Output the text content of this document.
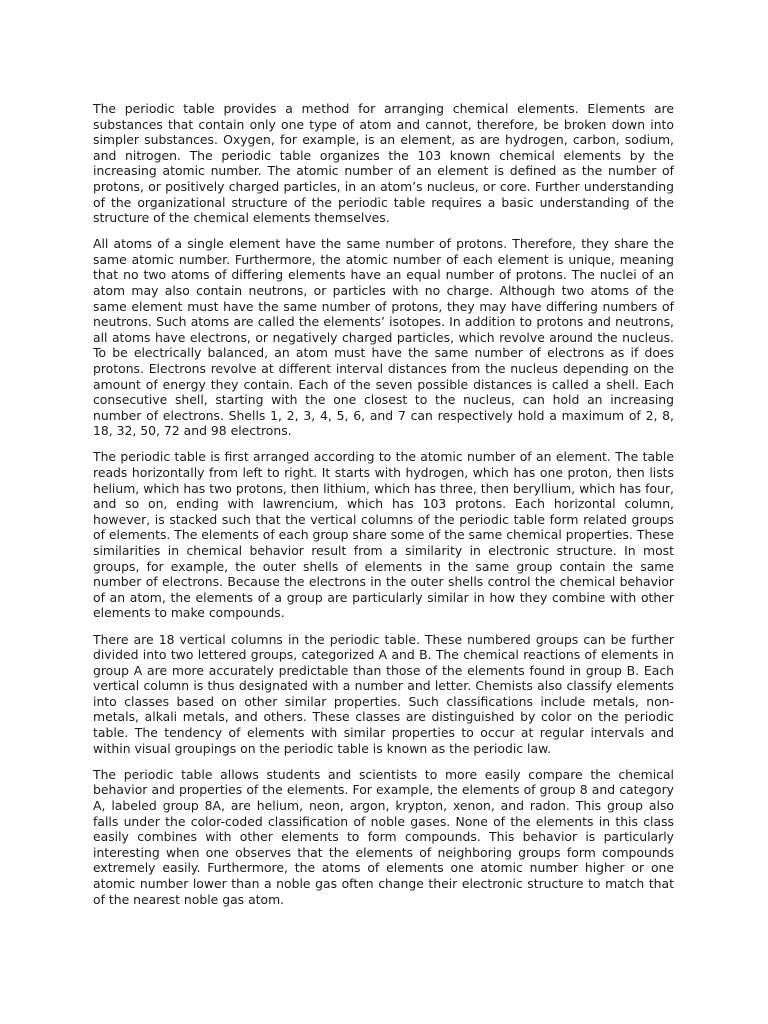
The periodic table provides a method for arranging chemical elements. Elements are substances that contain only one type of atom and cannot, therefore, be broken down into simpler substances. Oxygen, for example, is an element, as are hydrogen, carbon, sodium, and nitrogen. The periodic table organizes the 103 known chemical elements by the increasing atomic number. The atomic number of an element is defined as the number of protons, or positively charged particles, in an atom’s nucleus, or core. Further understanding of the organizational structure of the periodic table requires a basic understanding of the structure of the chemical elements themselves.

All atoms of a single element have the same number of protons. Therefore, they share the same atomic number. Furthermore, the atomic number of each element is unique, meaning that no two atoms of differing elements have an equal number of protons. The nuclei of an atom may also contain neutrons, or particles with no charge. Although two atoms of the same element must have the same number of protons, they may have differing numbers of neutrons. Such atoms are called the elements’ isotopes. In addition to protons and neutrons, all atoms have electrons, or negatively charged particles, which revolve around the nucleus. To be electrically balanced, an atom must have the same number of electrons as if does protons. Electrons revolve at different interval distances from the nucleus depending on the amount of energy they contain. Each of the seven possible distances is called a shell. Each consecutive shell, starting with the one closest to the nucleus, can hold an increasing number of electrons. Shells 1, 2, 3, 4, 5, 6, and 7 can respectively hold a maximum of 2, 8, 18, 32, 50, 72 and 98 electrons.

The periodic table is first arranged according to the atomic number of an element. The table reads horizontally from left to right. It starts with hydrogen, which has one proton, then lists helium, which has two protons, then lithium, which has three, then beryllium, which has four, and so on, ending with lawrencium, which has 103 protons. Each horizontal column, however, is stacked such that the vertical columns of the periodic table form related groups of elements. The elements of each group share some of the same chemical properties. These similarities in chemical behavior result from a similarity in electronic structure. In most groups, for example, the outer shells of elements in the same group contain the same number of electrons. Because the electrons in the outer shells control the chemical behavior of an atom, the elements of a group are particularly similar in how they combine with other elements to make compounds.

There are 18 vertical columns in the periodic table. These numbered groups can be further divided into two lettered groups, categorized A and B. The chemical reactions of elements in group A are more accurately predictable than those of the elements found in group B. Each vertical column is thus designated with a number and letter. Chemists also classify elements into classes based on other similar properties. Such classifications include metals, non-metals, alkali metals, and others. These classes are distinguished by color on the periodic table. The tendency of elements with similar properties to occur at regular intervals and within visual groupings on the periodic table is known as the periodic law.

The periodic table allows students and scientists to more easily compare the chemical behavior and properties of the elements. For example, the elements of group 8 and category A, labeled group 8A, are helium, neon, argon, krypton, xenon, and radon. This group also falls under the color-coded classification of noble gases. None of the elements in this class easily combines with other elements to form compounds. This behavior is particularly interesting when one observes that the elements of neighboring groups form compounds extremely easily. Furthermore, the atoms of elements one atomic number higher or one atomic number lower than a noble gas often change their electronic structure to match that of the nearest noble gas atom.
